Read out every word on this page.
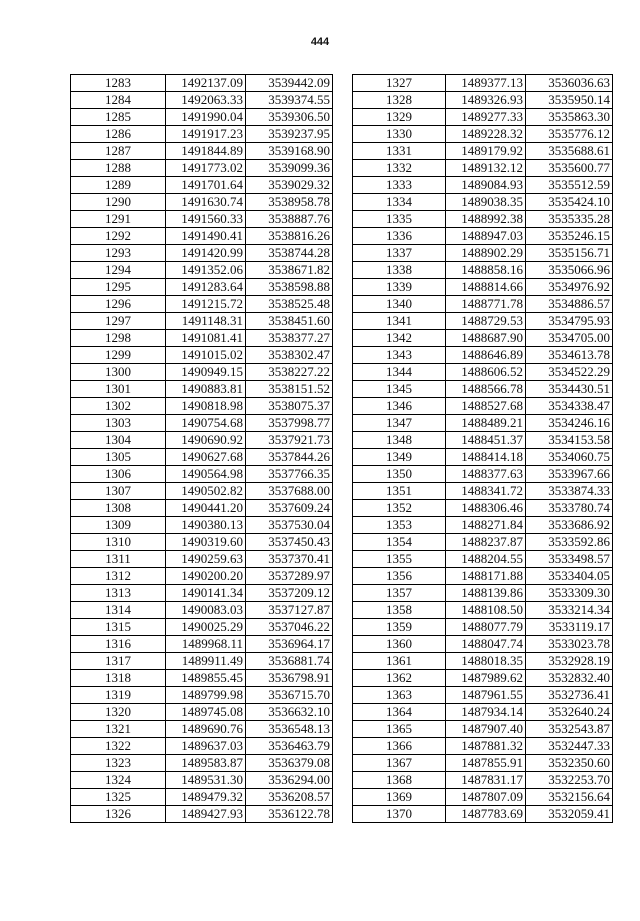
444
1283	1492137.09	3539442.09
1284	1492063.33	3539374.55
1285	1491990.04	3539306.50
1286	1491917.23	3539237.95
1287	1491844.89	3539168.90
1288	1491773.02	3539099.36
1289	1491701.64	3539029.32
1290	1491630.74	3538958.78
1291	1491560.33	3538887.76
1292	1491490.41	3538816.26
1293	1491420.99	3538744.28
1294	1491352.06	3538671.82
1295	1491283.64	3538598.88
1296	1491215.72	3538525.48
1297	1491148.31	3538451.60
1298	1491081.41	3538377.27
1299	1491015.02	3538302.47
1300	1490949.15	3538227.22
1301	1490883.81	3538151.52
1302	1490818.98	3538075.37
1303	1490754.68	3537998.77
1304	1490690.92	3537921.73
1305	1490627.68	3537844.26
1306	1490564.98	3537766.35
1307	1490502.82	3537688.00
1308	1490441.20	3537609.24
1309	1490380.13	3537530.04
1310	1490319.60	3537450.43
1311	1490259.63	3537370.41
1312	1490200.20	3537289.97
1313	1490141.34	3537209.12
1314	1490083.03	3537127.87
1315	1490025.29	3537046.22
1316	1489968.11	3536964.17
1317	1489911.49	3536881.74
1318	1489855.45	3536798.91
1319	1489799.98	3536715.70
1320	1489745.08	3536632.10
1321	1489690.76	3536548.13
1322	1489637.03	3536463.79
1323	1489583.87	3536379.08
1324	1489531.30	3536294.00
1325	1489479.32	3536208.57
1326	1489427.93	3536122.78
1327	1489377.13	3536036.63
1328	1489326.93	3535950.14
1329	1489277.33	3535863.30
1330	1489228.32	3535776.12
1331	1489179.92	3535688.61
1332	1489132.12	3535600.77
1333	1489084.93	3535512.59
1334	1489038.35	3535424.10
1335	1488992.38	3535335.28
1336	1488947.03	3535246.15
1337	1488902.29	3535156.71
1338	1488858.16	3535066.96
1339	1488814.66	3534976.92
1340	1488771.78	3534886.57
1341	1488729.53	3534795.93
1342	1488687.90	3534705.00
1343	1488646.89	3534613.78
1344	1488606.52	3534522.29
1345	1488566.78	3534430.51
1346	1488527.68	3534338.47
1347	1488489.21	3534246.16
1348	1488451.37	3534153.58
1349	1488414.18	3534060.75
1350	1488377.63	3533967.66
1351	1488341.72	3533874.33
1352	1488306.46	3533780.74
1353	1488271.84	3533686.92
1354	1488237.87	3533592.86
1355	1488204.55	3533498.57
1356	1488171.88	3533404.05
1357	1488139.86	3533309.30
1358	1488108.50	3533214.34
1359	1488077.79	3533119.17
1360	1488047.74	3533023.78
1361	1488018.35	3532928.19
1362	1487989.62	3532832.40
1363	1487961.55	3532736.41
1364	1487934.14	3532640.24
1365	1487907.40	3532543.87
1366	1487881.32	3532447.33
1367	1487855.91	3532350.60
1368	1487831.17	3532253.70
1369	1487807.09	3532156.64
1370	1487783.69	3532059.41
